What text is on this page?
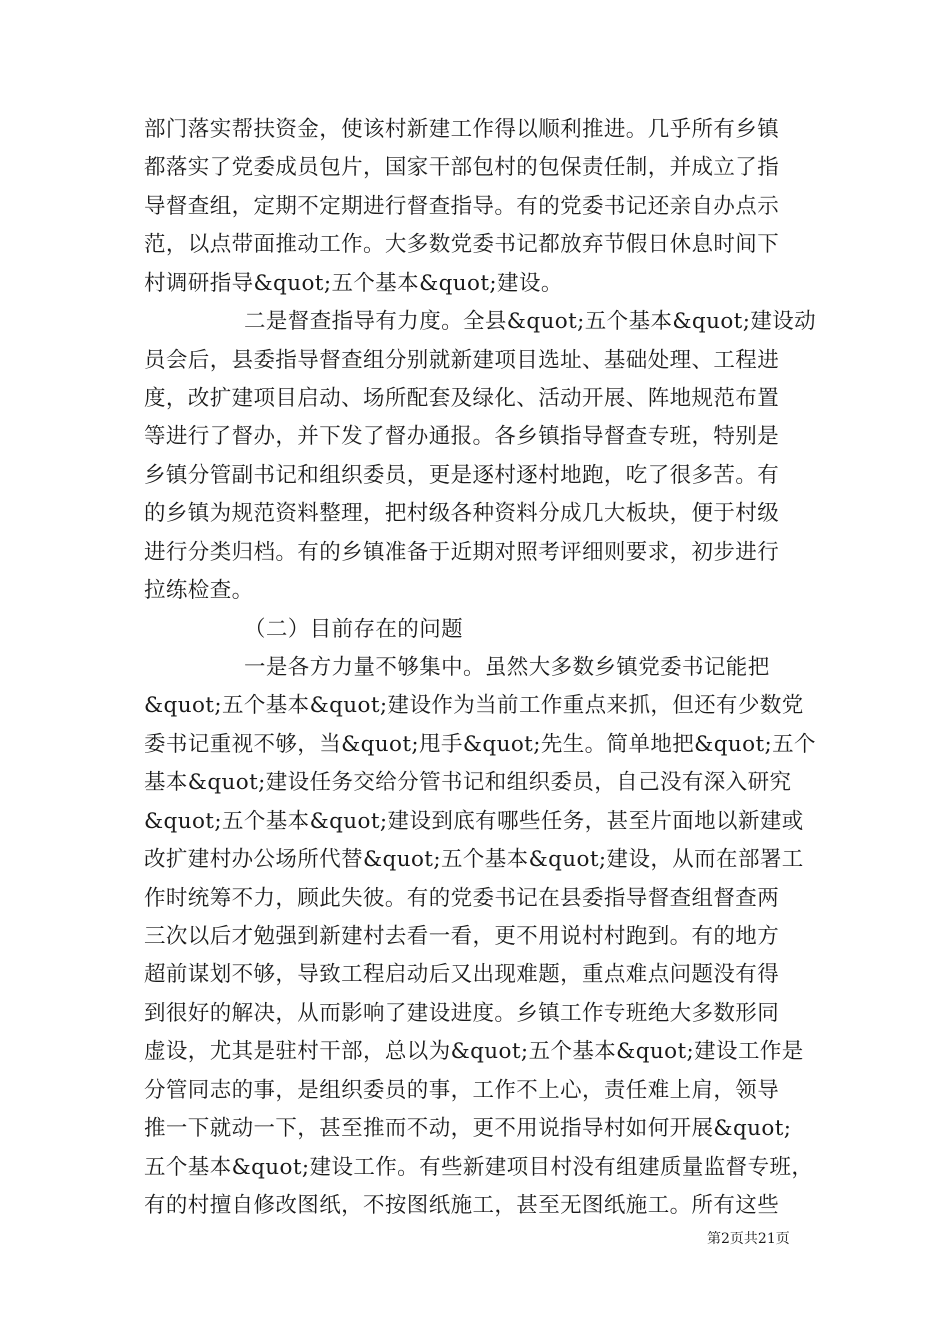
部门落实帮扶资金，使该村新建工作得以顺利推进。几乎所有乡镇
都落实了党委成员包片，国家干部包村的包保责任制，并成立了指
导督查组，定期不定期进行督查指导。有的党委书记还亲自办点示
范，以点带面推动工作。大多数党委书记都放弃节假日休息时间下
村调研指导&quot;五个基本&quot;建设。
二是督查指导有力度。全县&quot;五个基本&quot;建设动
员会后，县委指导督查组分别就新建项目选址、基础处理、工程进
度，改扩建项目启动、场所配套及绿化、活动开展、阵地规范布置
等进行了督办，并下发了督办通报。各乡镇指导督查专班，特别是
乡镇分管副书记和组织委员，更是逐村逐村地跑，吃了很多苦。有
的乡镇为规范资料整理，把村级各种资料分成几大板块，便于村级
进行分类归档。有的乡镇准备于近期对照考评细则要求，初步进行
拉练检查。
（二）目前存在的问题
一是各方力量不够集中。虽然大多数乡镇党委书记能把
&quot;五个基本&quot;建设作为当前工作重点来抓，但还有少数党
委书记重视不够，当&quot;甩手&quot;先生。简单地把&quot;五个
基本&quot;建设任务交给分管书记和组织委员，自己没有深入研究
&quot;五个基本&quot;建设到底有哪些任务，甚至片面地以新建或
改扩建村办公场所代替&quot;五个基本&quot;建设，从而在部署工
作时统筹不力，顾此失彼。有的党委书记在县委指导督查组督查两
三次以后才勉强到新建村去看一看，更不用说村村跑到。有的地方
超前谋划不够，导致工程启动后又出现难题，重点难点问题没有得
到很好的解决，从而影响了建设进度。乡镇工作专班绝大多数形同
虚设，尤其是驻村干部，总以为&quot;五个基本&quot;建设工作是
分管同志的事，是组织委员的事，工作不上心，责任难上肩，领导
推一下就动一下，甚至推而不动，更不用说指导村如何开展&quot;
五个基本&quot;建设工作。有些新建项目村没有组建质量监督专班，
有的村擅自修改图纸，不按图纸施工，甚至无图纸施工。所有这些
第2页共21页
